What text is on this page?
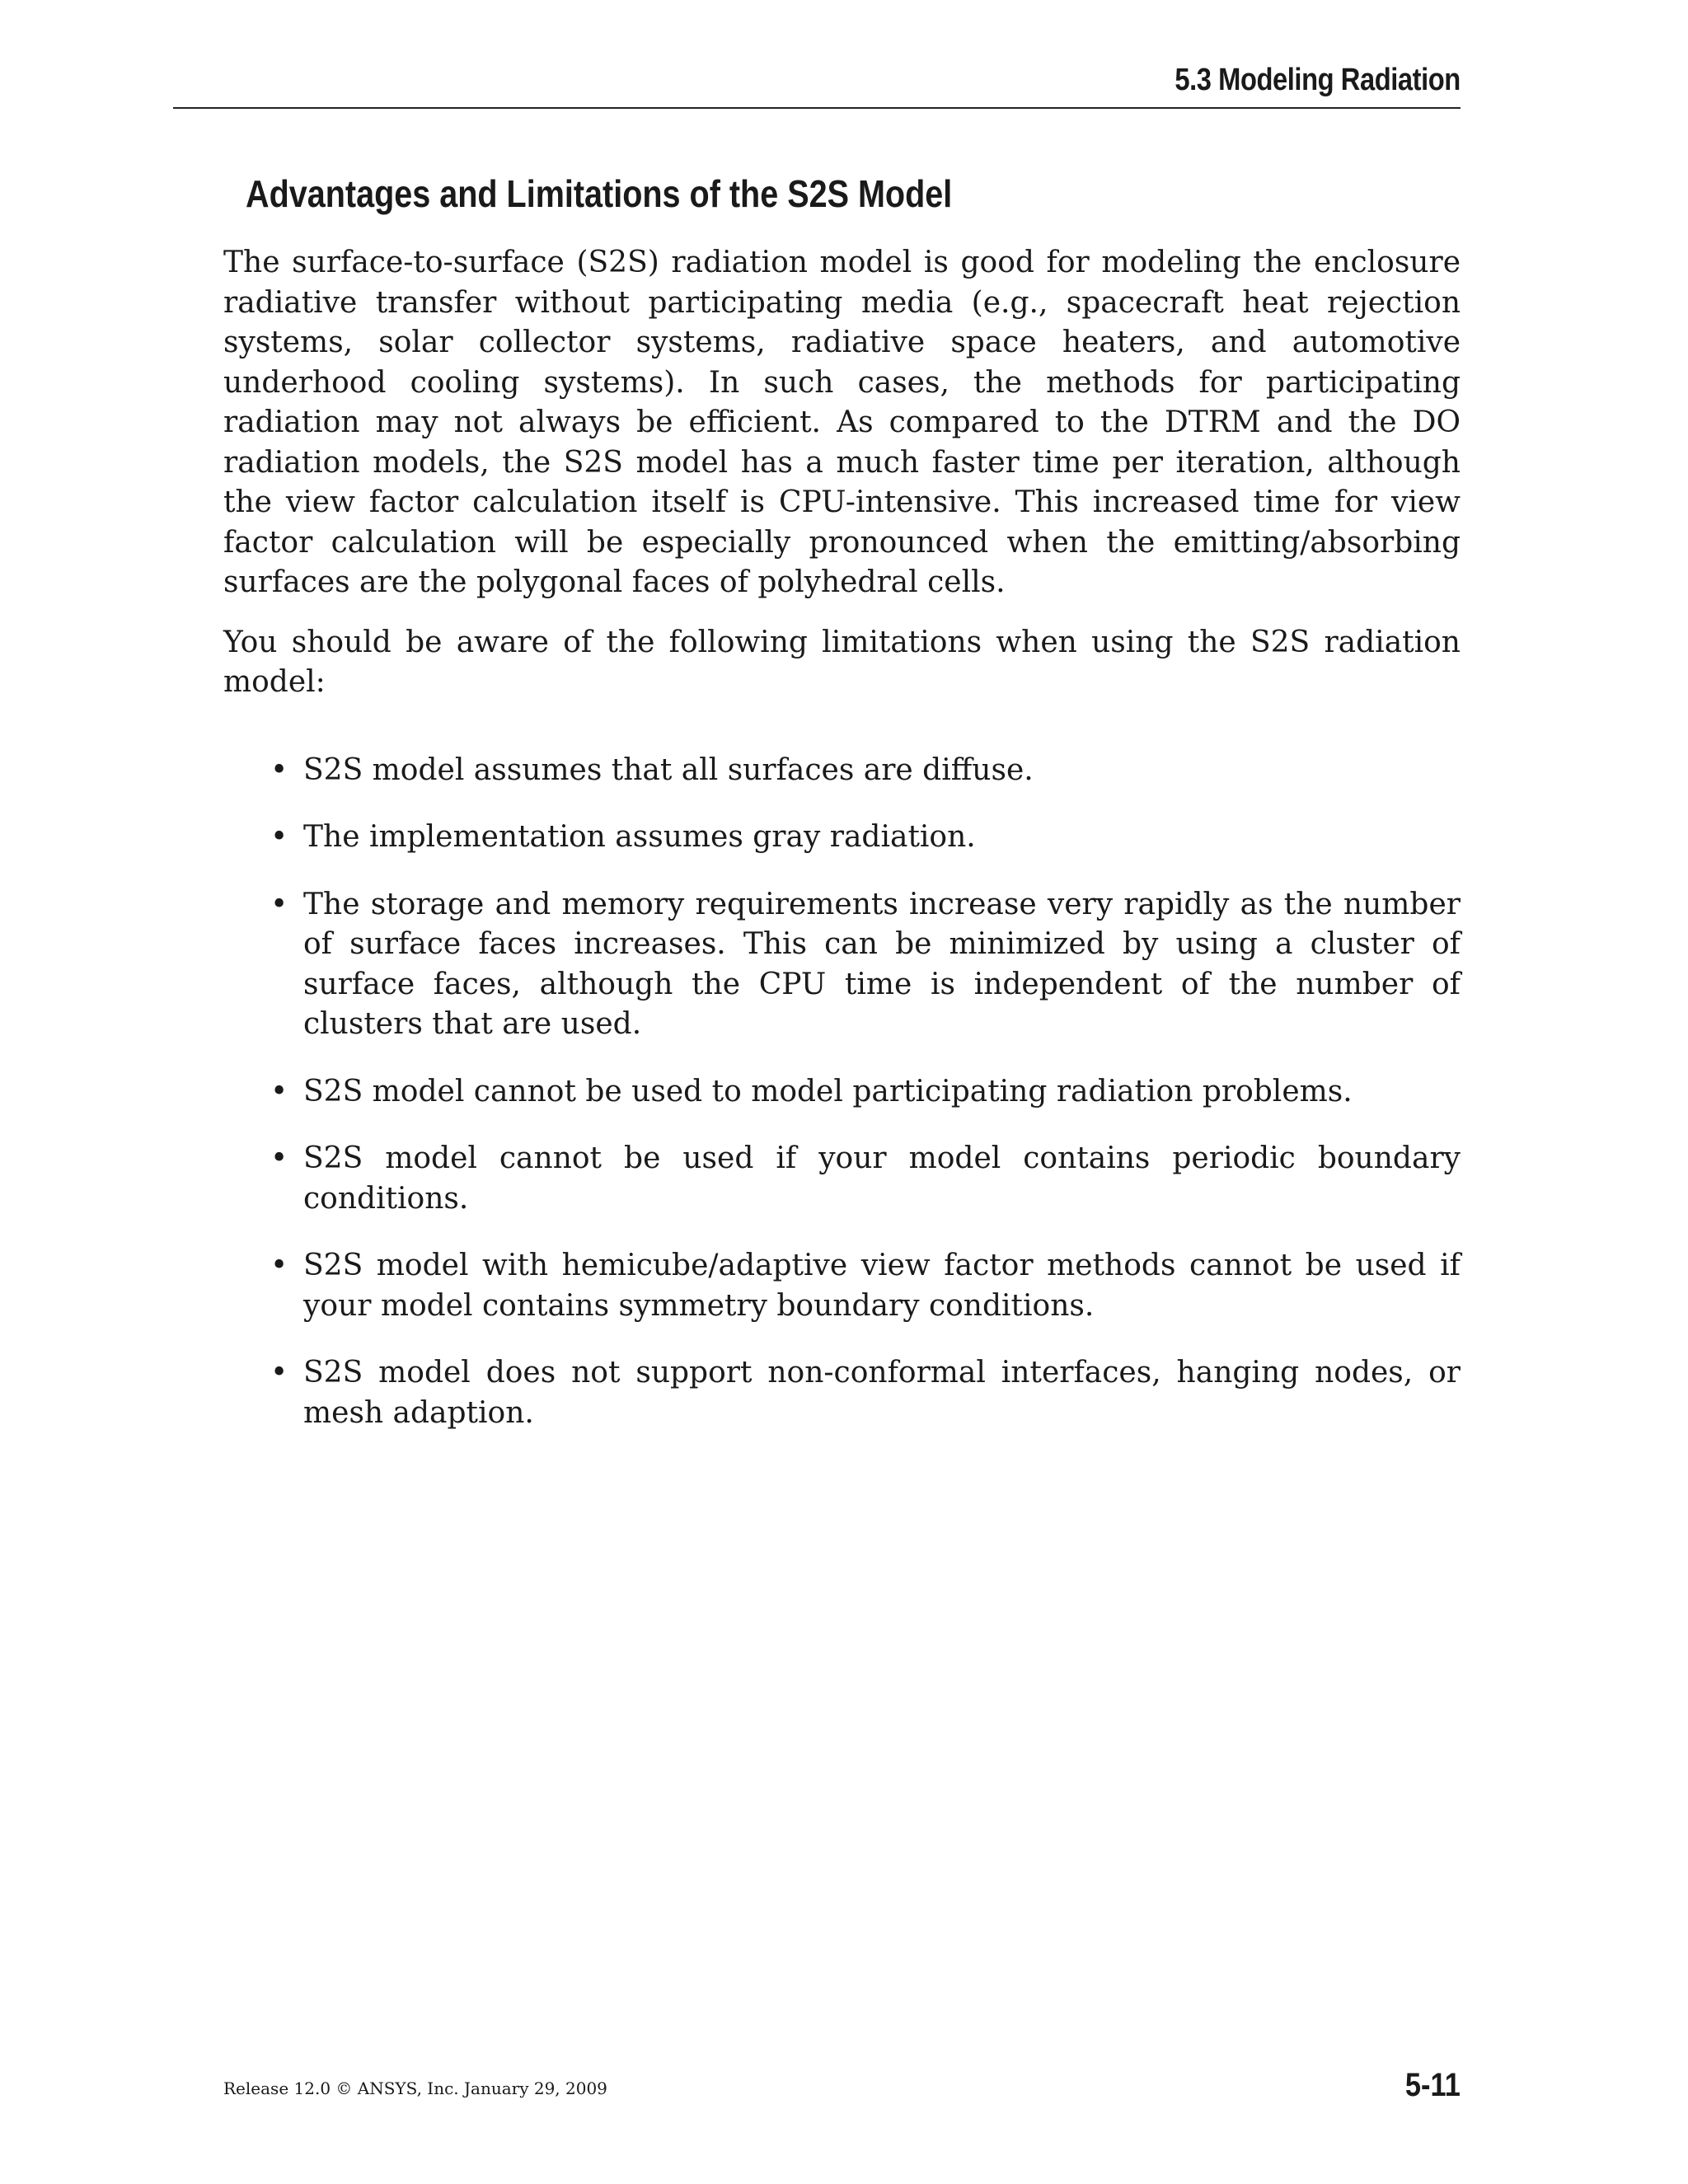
5.3 Modeling Radiation
Advantages and Limitations of the S2S Model

The surface-to-surface (S2S) radiation model is good for modeling the enclosure radiative transfer without participating media (e.g., spacecraft heat rejection systems, solar collector systems, radiative space heaters, and automotive underhood cooling systems). In such cases, the methods for participating radiation may not always be efficient. As compared to the DTRM and the DO radiation models, the S2S model has a much faster time per iteration, although the view factor calculation itself is CPU-intensive. This increased time for view factor calculation will be especially pronounced when the emitting/absorbing surfaces are the polygonal faces of polyhedral cells.

You should be aware of the following limitations when using the S2S radiation model:

• S2S model assumes that all surfaces are diffuse.
• The implementation assumes gray radiation.
• The storage and memory requirements increase very rapidly as the number of surface faces increases. This can be minimized by using a cluster of surface faces, although the CPU time is independent of the number of clusters that are used.
• S2S model cannot be used to model participating radiation problems.
• S2S model cannot be used if your model contains periodic boundary conditions.
• S2S model with hemicube/adaptive view factor methods cannot be used if your model contains symmetry boundary conditions.
• S2S model does not support non-conformal interfaces, hanging nodes, or mesh adaption.
Release 12.0 © ANSYS, Inc. January 29, 2009	5-11
